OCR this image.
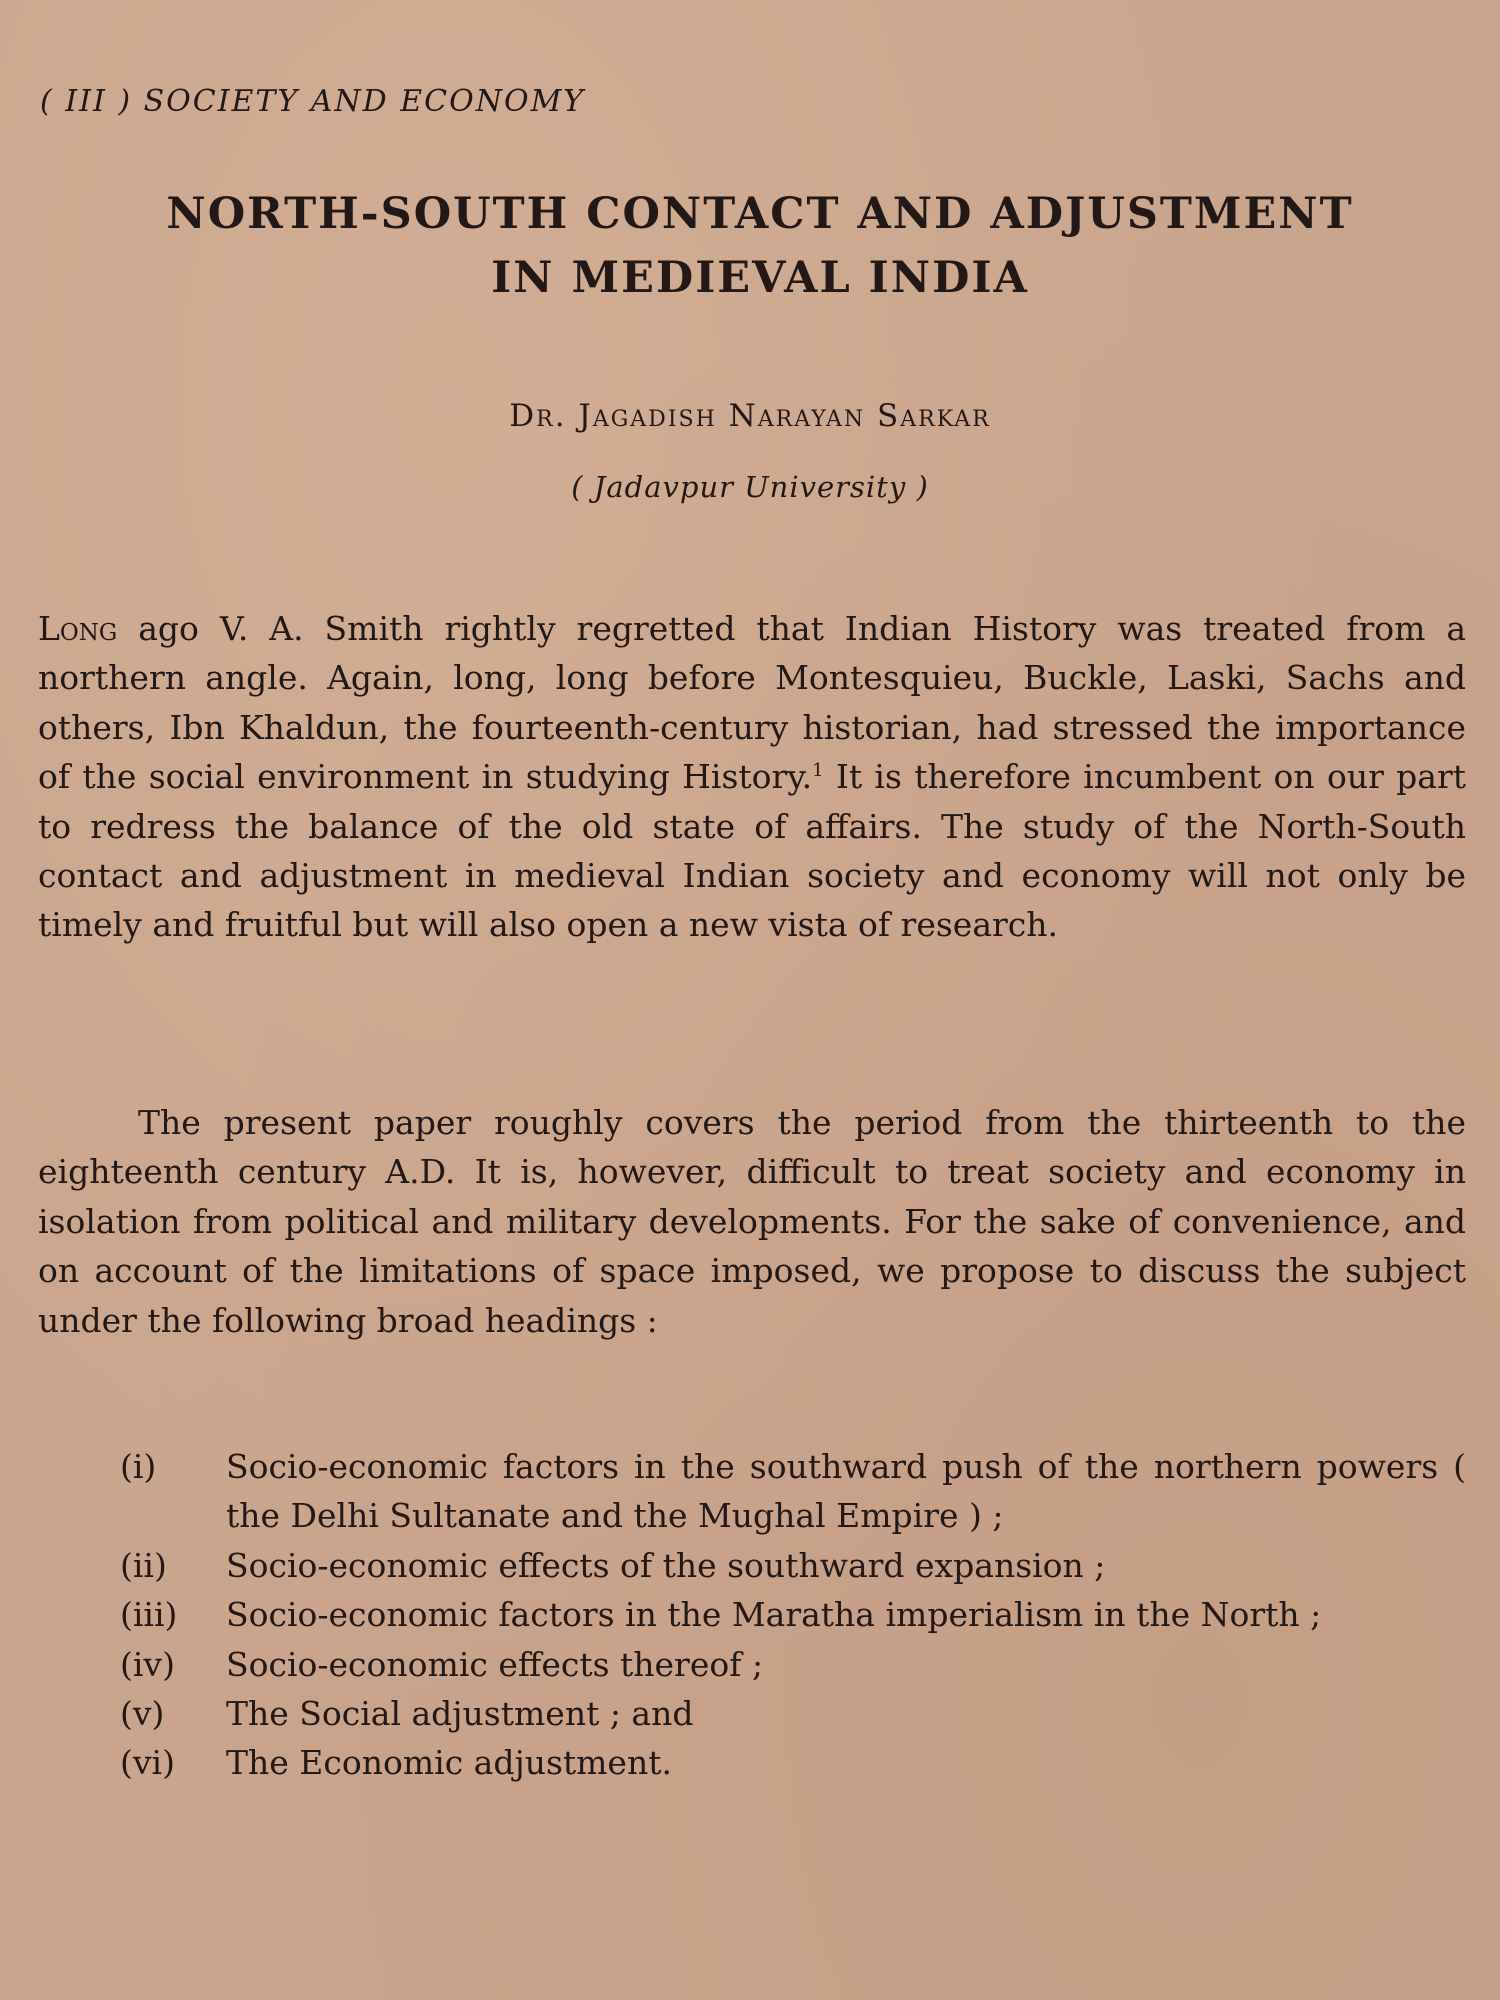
( III ) SOCIETY AND ECONOMY
NORTH-SOUTH CONTACT AND ADJUSTMENT
IN MEDIEVAL INDIA

Dr. Jagadish Narayan Sarkar

( Jadavpur University )

Long ago V. A. Smith rightly regretted that Indian History was treated from a northern angle. Again, long, long before Montesquieu, Buckle, Laski, Sachs and others, Ibn Khaldun, the fourteenth-century historian, had stressed the importance of the social environment in studying History.$^1$ It is therefore incumbent on our part to redress the balance of the old state of affairs. The study of the North-South contact and adjustment in medieval Indian society and economy will not only be timely and fruitful but will also open a new vista of research.

The present paper roughly covers the period from the thirteenth to the eighteenth century A.D. It is, however, difficult to treat society and economy in isolation from political and military developments. For the sake of convenience, and on account of the limitations of space imposed, we propose to discuss the subject under the following broad headings :

(i)	Socio-economic factors in the southward push of the northern powers ( the Delhi Sultanate and the Mughal Empire ) ;
(ii)	Socio-economic effects of the southward expansion ;
(iii)	Socio-economic factors in the Maratha imperialism in the North ;
(iv)	Socio-economic effects thereof ;
(v)	The Social adjustment ; and
(vi)	The Economic adjustment.
